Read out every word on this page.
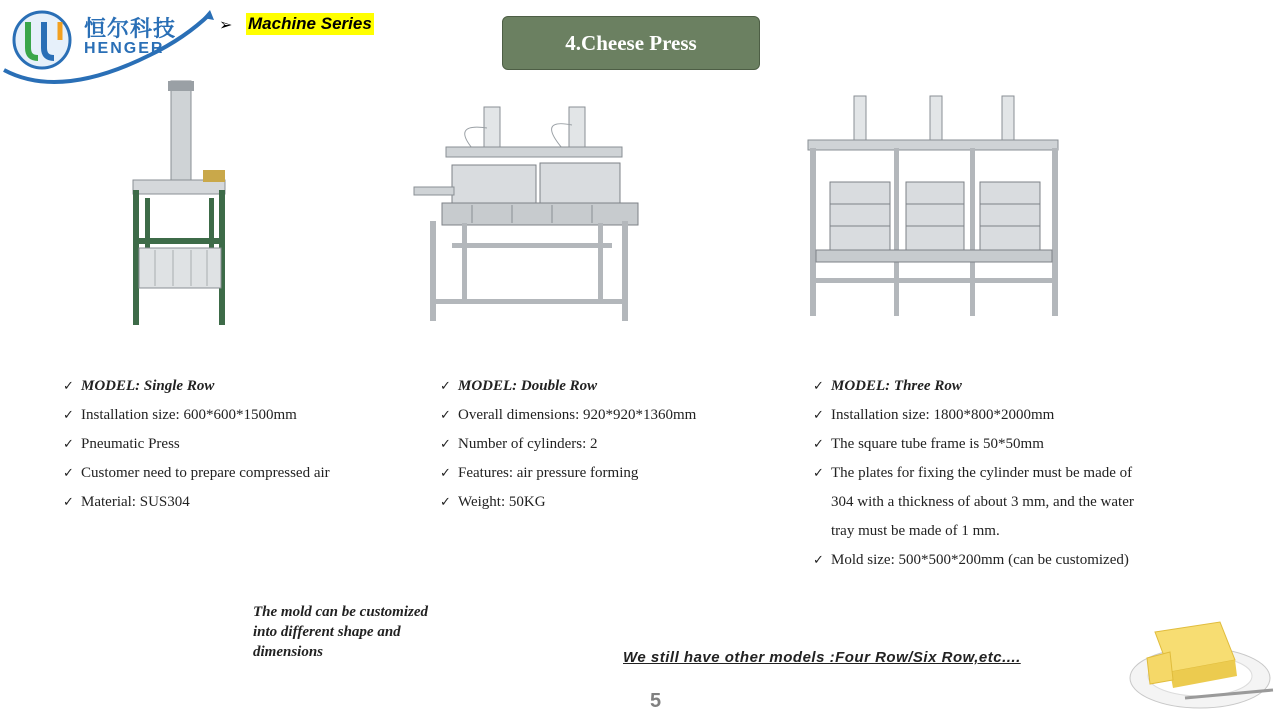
恒尔科技
HENGER
➢ Machine Series
4.Cheese Press
✓ MODEL: Single Row
✓ Installation size: 600*600*1500mm
✓ Pneumatic Press
✓ Customer need to prepare compressed air
✓ Material: SUS304
✓ MODEL: Double Row
✓ Overall dimensions: 920*920*1360mm
✓ Number of cylinders: 2
✓ Features: air pressure forming
✓ Weight: 50KG
✓ MODEL: Three Row
✓ Installation size: 1800*800*2000mm
✓ The square tube frame is 50*50mm
✓ The plates for fixing the cylinder must be made of
304 with a thickness of about 3 mm, and the water
tray must be made of 1 mm.
✓ Mold size: 500*500*200mm (can be customized)
The mold can be customized into different shape and dimensions	We still have other models :Four Row/Six Row,etc....
5
